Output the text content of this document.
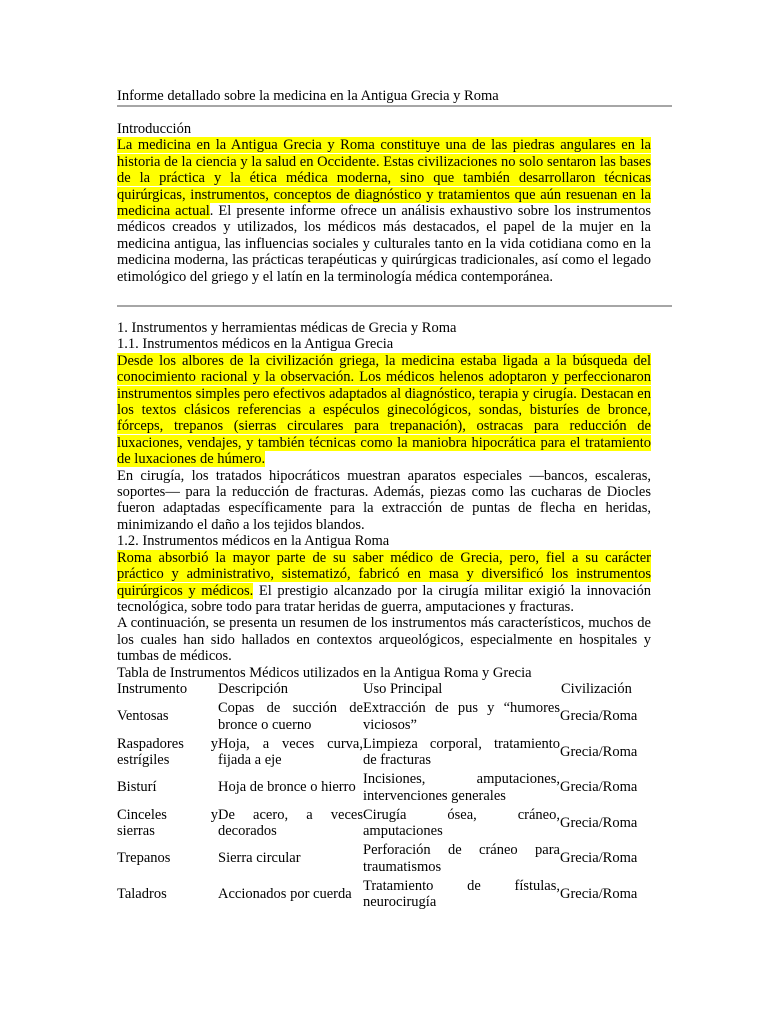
Informe detallado sobre la medicina en la Antigua Grecia y Roma
Introducción

La medicina en la Antigua Grecia y Roma constituye una de las piedras angulares en la historia de la ciencia y la salud en Occidente. Estas civilizaciones no solo sentaron las bases de la práctica y la ética médica moderna, sino que también desarrollaron técnicas quirúrgicas, instrumentos, conceptos de diagnóstico y tratamientos que aún resuenan en la medicina actual. El presente informe ofrece un análisis exhaustivo sobre los instrumentos médicos creados y utilizados, los médicos más destacados, el papel de la mujer en la medicina antigua, las influencias sociales y culturales tanto en la vida cotidiana como en la medicina moderna, las prácticas terapéuticas y quirúrgicas tradicionales, así como el legado etimológico del griego y el latín en la terminología médica contemporánea.

1. Instrumentos y herramientas médicas de Grecia y Roma
1.1. Instrumentos médicos en la Antigua Grecia

Desde los albores de la civilización griega, la medicina estaba ligada a la búsqueda del conocimiento racional y la observación. Los médicos helenos adoptaron y perfeccionaron instrumentos simples pero efectivos adaptados al diagnóstico, terapia y cirugía. Destacan en los textos clásicos referencias a espéculos ginecológicos, sondas, bisturíes de bronce, fórceps, trepanos (sierras circulares para trepanación), ostracas para reducción de luxaciones, vendajes, y también técnicas como la maniobra hipocrática para el tratamiento de luxaciones de húmero.

En cirugía, los tratados hipocráticos muestran aparatos especiales —bancos, escaleras, soportes— para la reducción de fracturas. Además, piezas como las cucharas de Diocles fueron adaptadas específicamente para la extracción de puntas de flecha en heridas, minimizando el daño a los tejidos blandos.

1.2. Instrumentos médicos en la Antigua Roma

Roma absorbió la mayor parte de su saber médico de Grecia, pero, fiel a su carácter práctico y administrativo, sistematizó, fabricó en masa y diversificó los instrumentos quirúrgicos y médicos. El prestigio alcanzado por la cirugía militar exigió la innovación tecnológica, sobre todo para tratar heridas de guerra, amputaciones y fracturas.

A continuación, se presenta un resumen de los instrumentos más característicos, muchos de los cuales han sido hallados en contextos arqueológicos, especialmente en hospitales y tumbas de médicos.

Tabla de Instrumentos Médicos utilizados en la Antigua Roma y Grecia
Instrumento	Descripción	Uso Principal	Civilización
Ventosas	Copas de succión de bronce o cuerno	Extracción de pus y “humores viciosos”	Grecia/Roma
Raspadores y estrígiles	Hoja, a veces curva, fijada a eje	Limpieza corporal, tratamiento de fracturas	Grecia/Roma
Bisturí	Hoja de bronce o hierro	Incisiones, amputaciones, intervenciones generales	Grecia/Roma
Cinceles y sierras	De acero, a veces decorados	Cirugía ósea, cráneo, amputaciones	Grecia/Roma
Trepanos	Sierra circular	Perforación de cráneo para traumatismos	Grecia/Roma
Taladros	Accionados por cuerda	Tratamiento de fístulas, neurocirugía	Grecia/Roma
